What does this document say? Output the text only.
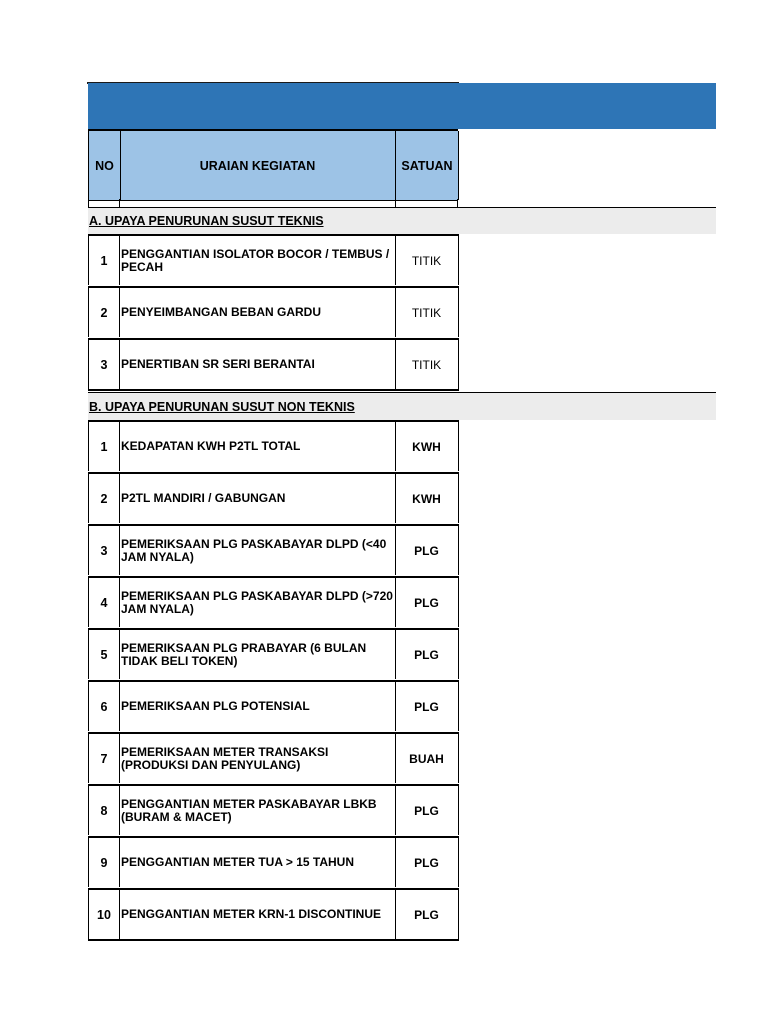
NO	URAIAN KEGIATAN	SATUAN
A. UPAYA PENURUNAN SUSUT TEKNIS
1	PENGGANTIAN ISOLATOR BOCOR / TEMBUS / PECAH	TITIK
2	PENYEIMBANGAN BEBAN GARDU	TITIK
3	PENERTIBAN SR SERI BERANTAI	TITIK
B. UPAYA PENURUNAN SUSUT NON TEKNIS
1	KEDAPATAN KWH P2TL TOTAL	KWH
2	P2TL MANDIRI / GABUNGAN	KWH
3	PEMERIKSAAN PLG PASKABAYAR DLPD (<40 JAM NYALA)	PLG
4	PEMERIKSAAN PLG PASKABAYAR DLPD (>720 JAM NYALA)	PLG
5	PEMERIKSAAN PLG PRABAYAR (6 BULAN TIDAK BELI TOKEN)	PLG
6	PEMERIKSAAN PLG POTENSIAL	PLG
7	PEMERIKSAAN METER TRANSAKSI (PRODUKSI DAN PENYULANG)	BUAH
8	PENGGANTIAN METER PASKABAYAR LBKB (BURAM & MACET)	PLG
9	PENGGANTIAN METER TUA > 15 TAHUN	PLG
10 PENGGANTIAN METER KRN-1 DISCONTINUE	PLG
